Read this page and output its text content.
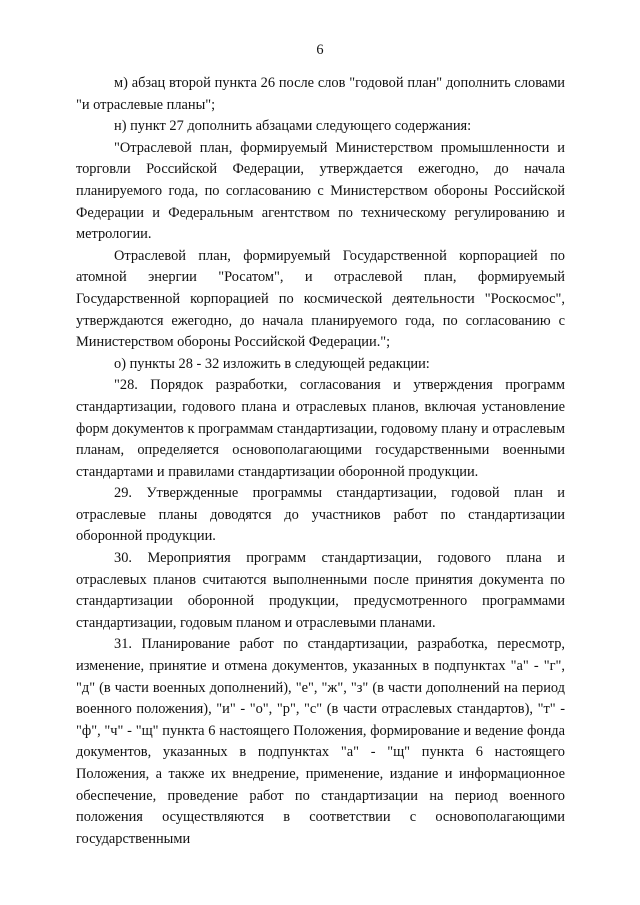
6

м) абзац второй пункта 26 после слов "годовой план" дополнить словами "и отраслевые планы";

н) пункт 27 дополнить абзацами следующего содержания:

"Отраслевой план, формируемый Министерством промышленности и торговли Российской Федерации, утверждается ежегодно, до начала планируемого года, по согласованию с Министерством обороны Российской Федерации и Федеральным агентством по техническому регулированию и метрологии.

Отраслевой план, формируемый Государственной корпорацией по атомной энергии "Росатом", и отраслевой план, формируемый Государственной корпорацией по космической деятельности "Роскосмос", утверждаются ежегодно, до начала планируемого года, по согласованию с Министерством обороны Российской Федерации.";

о) пункты 28 - 32 изложить в следующей редакции:

"28. Порядок разработки, согласования и утверждения программ стандартизации, годового плана и отраслевых планов, включая установление форм документов к программам стандартизации, годовому плану и отраслевым планам, определяется основополагающими государственными военными стандартами и правилами стандартизации оборонной продукции.

29. Утвержденные программы стандартизации, годовой план и отраслевые планы доводятся до участников работ по стандартизации оборонной продукции.

30. Мероприятия программ стандартизации, годового плана и отраслевых планов считаются выполненными после принятия документа по стандартизации оборонной продукции, предусмотренного программами стандартизации, годовым планом и отраслевыми планами.

31. Планирование работ по стандартизации, разработка, пересмотр, изменение, принятие и отмена документов, указанных в подпунктах "а" - "г", "д" (в части военных дополнений), "е", "ж", "з" (в части дополнений на период военного положения), "и" - "о", "р", "с" (в части отраслевых стандартов), "т" - "ф", "ч" - "щ" пункта 6 настоящего Положения, формирование и ведение фонда документов, указанных в подпунктах "а" - "щ" пункта 6 настоящего Положения, а также их внедрение, применение, издание и информационное обеспечение, проведение работ по стандартизации на период военного положения осуществляются в соответствии с основополагающими государственными
